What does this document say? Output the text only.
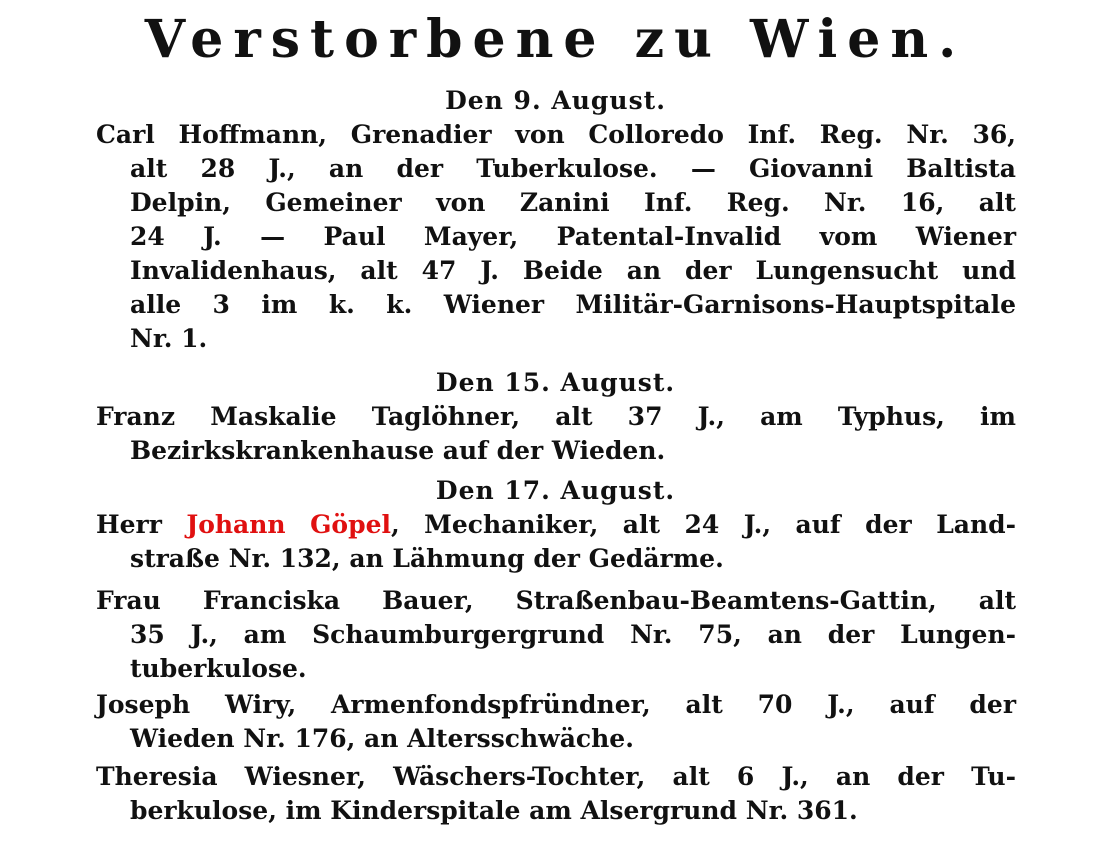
Verstorbene zu Wien.
Den 9. August.
Carl Hoffmann, Grenadier von Colloredo Inf. Reg. Nr. 36,
alt 28 J., an der Tuberkulose. — Giovanni Baltista
Delpin, Gemeiner von Zanini Inf. Reg. Nr. 16, alt
24 J. — Paul Mayer, Patental-Invalid vom Wiener
Invalidenhaus, alt 47 J. Beide an der Lungensucht und
alle 3 im k. k. Wiener Militär-Garnisons-Hauptspitale
Nr. 1.
Den 15. August.
Franz Maskalie Taglöhner, alt 37 J., am Typhus, im
Bezirkskrankenhause auf der Wieden.
Den 17. August.
Herr Johann Göpel, Mechaniker, alt 24 J., auf der Land-
straße Nr. 132, an Lähmung der Gedärme.
Frau Franciska Bauer, Straßenbau-Beamtens-Gattin, alt
35 J., am Schaumburgergrund Nr. 75, an der Lungen-
tuberkulose.
Joseph Wiry, Armenfondspfründner, alt 70 J., auf der
Wieden Nr. 176, an Altersschwäche.
Theresia Wiesner, Wäschers-Tochter, alt 6 J., an der Tu-
berkulose, im Kinderspitale am Alsergrund Nr. 361.
